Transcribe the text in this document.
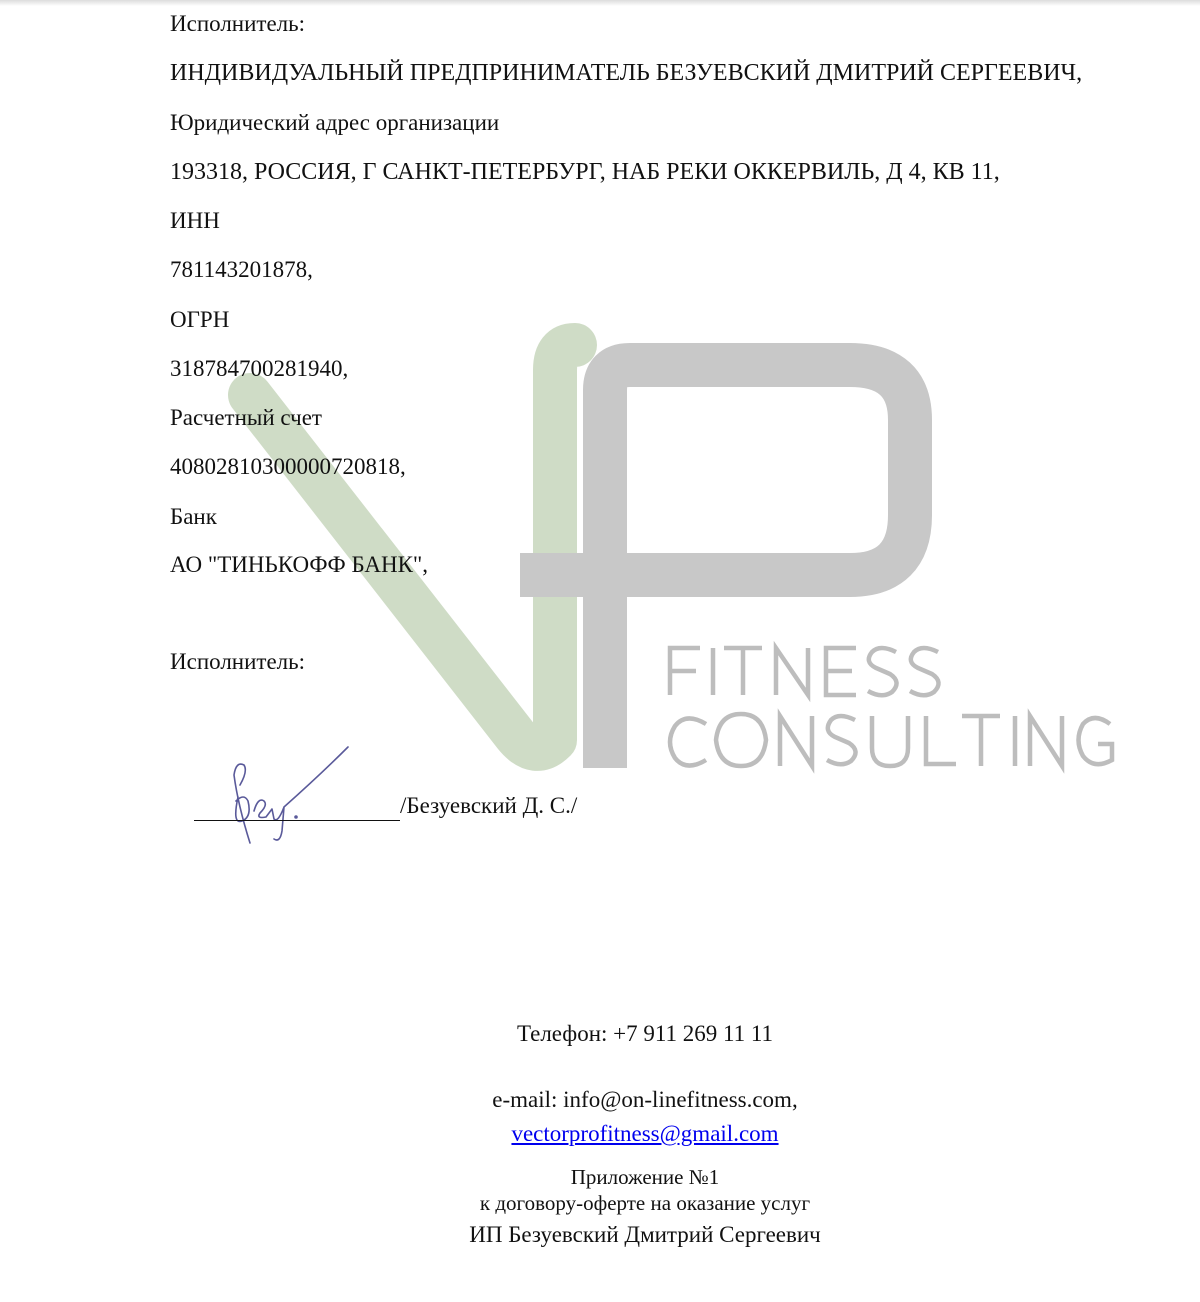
Исполнитель:
ИНДИВИДУАЛЬНЫЙ ПРЕДПРИНИМАТЕЛЬ БЕЗУЕВСКИЙ ДМИТРИЙ СЕРГЕЕВИЧ,
Юридический адрес организации
193318, РОССИЯ, Г САНКТ-ПЕТЕРБУРГ, НАБ РЕКИ ОККЕРВИЛЬ, Д 4, КВ 11,
ИНН
781143201878,
ОГРН
318784700281940,
Расчетный счет
40802810300000720818,
Банк
АО "ТИНЬКОФФ БАНК",
Исполнитель:
/Безуевский Д. С./
Телефон: +7 911 269 11 11
e-mail: info@on-linefitness.com,
vectorprofitness@gmail.com
Приложение №1
к договору-оферте на оказание услуг
ИП Безуевский Дмитрий Сергеевич
